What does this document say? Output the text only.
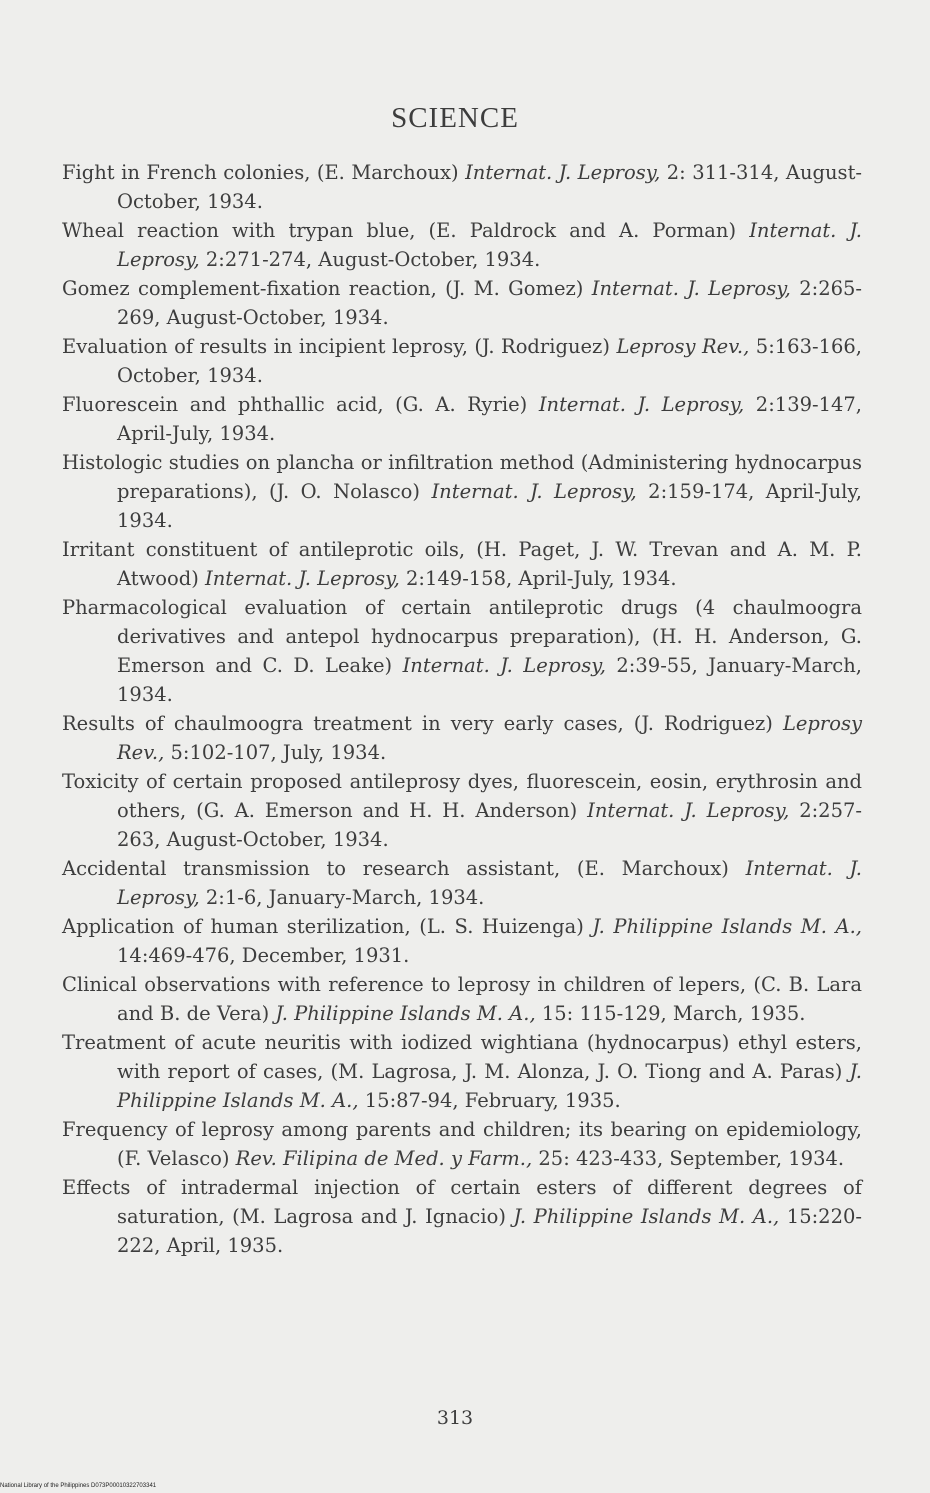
SCIENCE

Fight in French colonies, (E. Marchoux) Internat. J. Leprosy, 2: 311-314, August-October, 1934.

Wheal reaction with trypan blue, (E. Paldrock and A. Porman) Internat. J. Leprosy, 2:271-274, August-October, 1934.

Gomez complement-fixation reaction, (J. M. Gomez) Internat. J. Leprosy, 2:265-269, August-October, 1934.

Evaluation of results in incipient leprosy, (J. Rodriguez) Leprosy Rev., 5:163-166, October, 1934.

Fluorescein and phthallic acid, (G. A. Ryrie) Internat. J. Leprosy, 2:139-147, April-July, 1934.

Histologic studies on plancha or infiltration method (Administering hydnocarpus preparations), (J. O. Nolasco) Internat. J. Leprosy, 2:159-174, April-July, 1934.

Irritant constituent of antileprotic oils, (H. Paget, J. W. Trevan and A. M. P. Atwood) Internat. J. Leprosy, 2:149-158, April-July, 1934.

Pharmacological evaluation of certain antileprotic drugs (4 chaulmoogra derivatives and antepol hydnocarpus preparation), (H. H. Anderson, G. Emerson and C. D. Leake) Internat. J. Leprosy, 2:39-55, January-March, 1934.

Results of chaulmoogra treatment in very early cases, (J. Rodriguez) Leprosy Rev., 5:102-107, July, 1934.

Toxicity of certain proposed antileprosy dyes, fluorescein, eosin, erythrosin and others, (G. A. Emerson and H. H. Anderson) Internat. J. Leprosy, 2:257-263, August-October, 1934.

Accidental transmission to research assistant, (E. Marchoux) Internat. J. Leprosy, 2:1-6, January-March, 1934.

Application of human sterilization, (L. S. Huizenga) J. Philippine Islands M. A., 14:469-476, December, 1931.

Clinical observations with reference to leprosy in children of lepers, (C. B. Lara and B. de Vera) J. Philippine Islands M. A., 15: 115-129, March, 1935.

Treatment of acute neuritis with iodized wightiana (hydnocarpus) ethyl esters, with report of cases, (M. Lagrosa, J. M. Alonza, J. O. Tiong and A. Paras) J. Philippine Islands M. A., 15:87-94, February, 1935.

Frequency of leprosy among parents and children; its bearing on epidemiology, (F. Velasco) Rev. Filipina de Med. y Farm., 25: 423-433, September, 1934.

Effects of intradermal injection of certain esters of different degrees of saturation, (M. Lagrosa and J. Ignacio) J. Philippine Islands M. A., 15:220-222, April, 1935.

313
National Library of the Philippines D073P00010322703341
